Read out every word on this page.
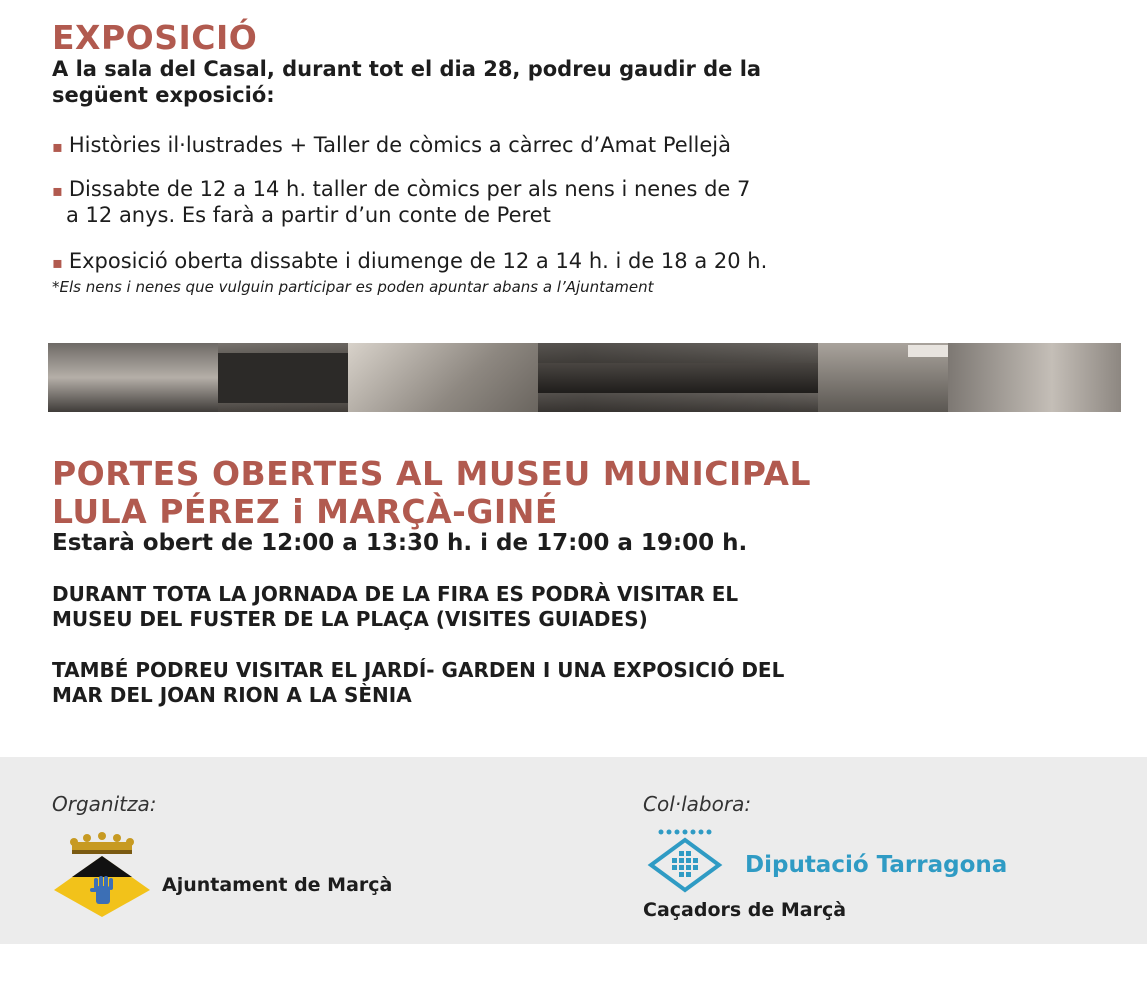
EXPOSICIÓ
A la sala del Casal, durant tot el dia 28, podreu gaudir de la
següent exposició:
▪ Històries il·lustrades + Taller de còmics a càrrec d’Amat Pellejà
▪ Dissabte de 12 a 14 h. taller de còmics per als nens i nenes de 7
a 12 anys. Es farà a partir d’un conte de Peret
▪ Exposició oberta dissabte i diumenge de 12 a 14 h. i de 18 a 20 h.
*Els nens i nenes que vulguin participar es poden apuntar abans a l’Ajuntament
PORTES OBERTES AL MUSEU MUNICIPAL
LULA PÉREZ i MARÇÀ-GINÉ
Estarà obert de 12:00 a 13:30 h. i de 17:00 a 19:00 h.
DURANT TOTA LA JORNADA DE LA FIRA ES PODRÀ VISITAR EL
MUSEU DEL FUSTER DE LA PLAÇA (VISITES GUIADES)
TAMBÉ PODREU VISITAR EL JARDÍ- GARDEN I UNA EXPOSICIÓ DEL
MAR DEL JOAN RION A LA SÈNIA
Organitza:
Ajuntament de Marçà
Col·labora:
Diputació Tarragona
Caçadors de Marçà
